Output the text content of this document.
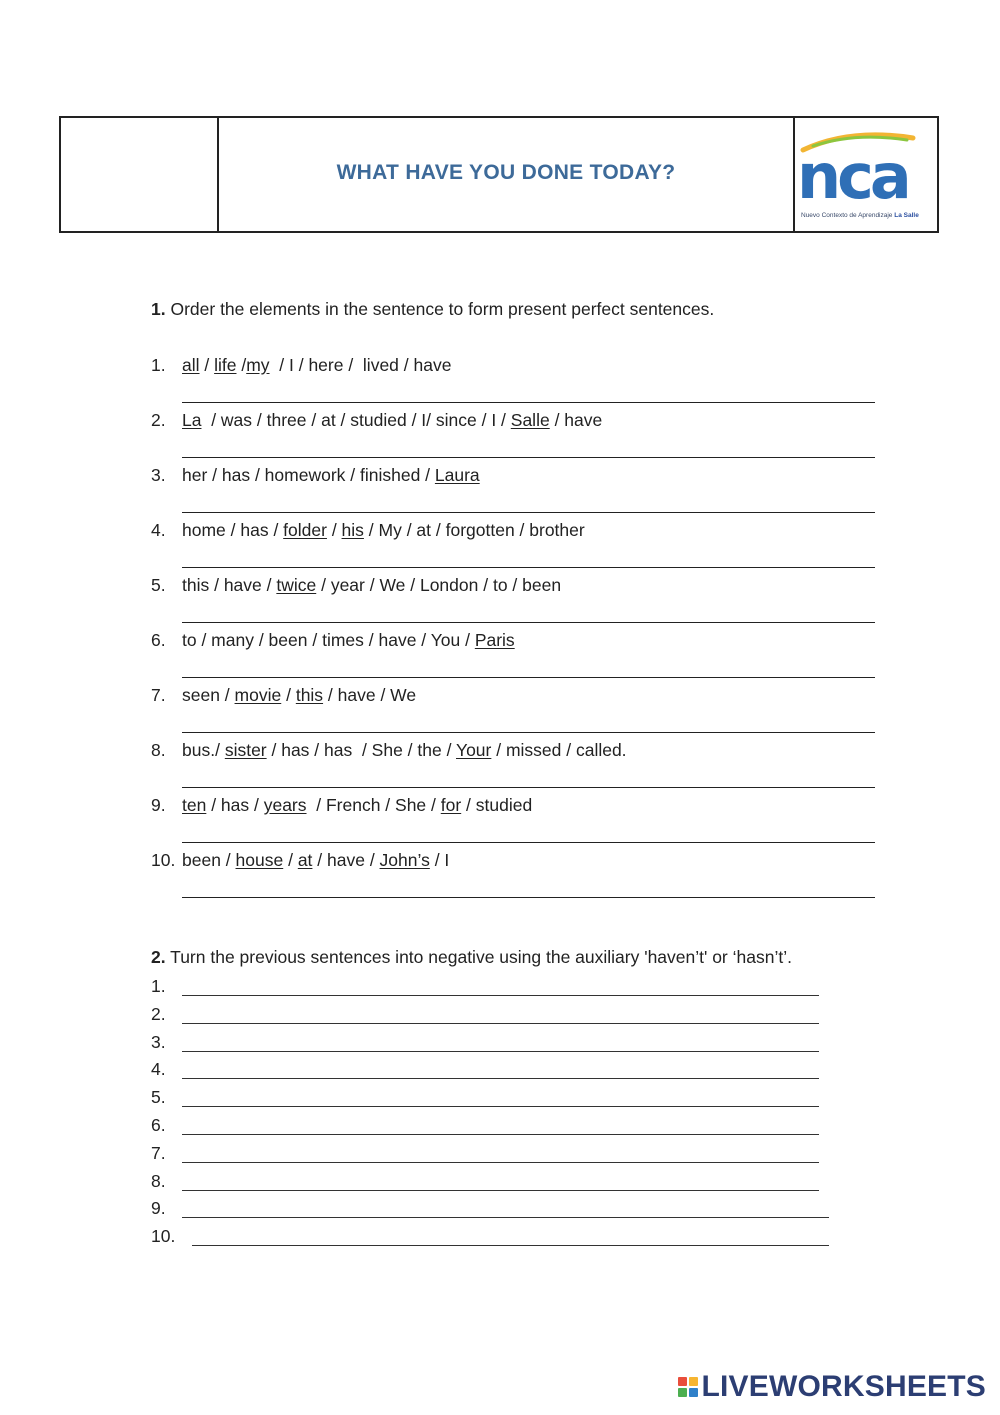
WHAT HAVE YOU DONE TODAY? nca
Nuevo Contexto de Aprendizaje La Salle
1. Order the elements in the sentence to form present perfect sentences.
1. all / life /my  / I / here /  lived / have
2. La  / was / three / at / studied / I/ since / I / Salle / have
3. her / has / homework / finished / Laura
4. home / has / folder / his / My / at / forgotten / brother
5. this / have / twice / year / We / London / to / been
6. to / many / been / times / have / You / Paris
7. seen / movie / this / have / We
8. bus./ sister / has / has  / She / the / Your / missed / called.
9. ten / has / years  / French / She / for / studied
10. been / house / at / have / John’s / I
2. Turn the previous sentences into negative using the auxiliary 'haven’t' or ‘hasn’t’.
1.
2.
3.
4.
5.
6.
7.
8.
9.
10.
LIVEWORKSHEETS
